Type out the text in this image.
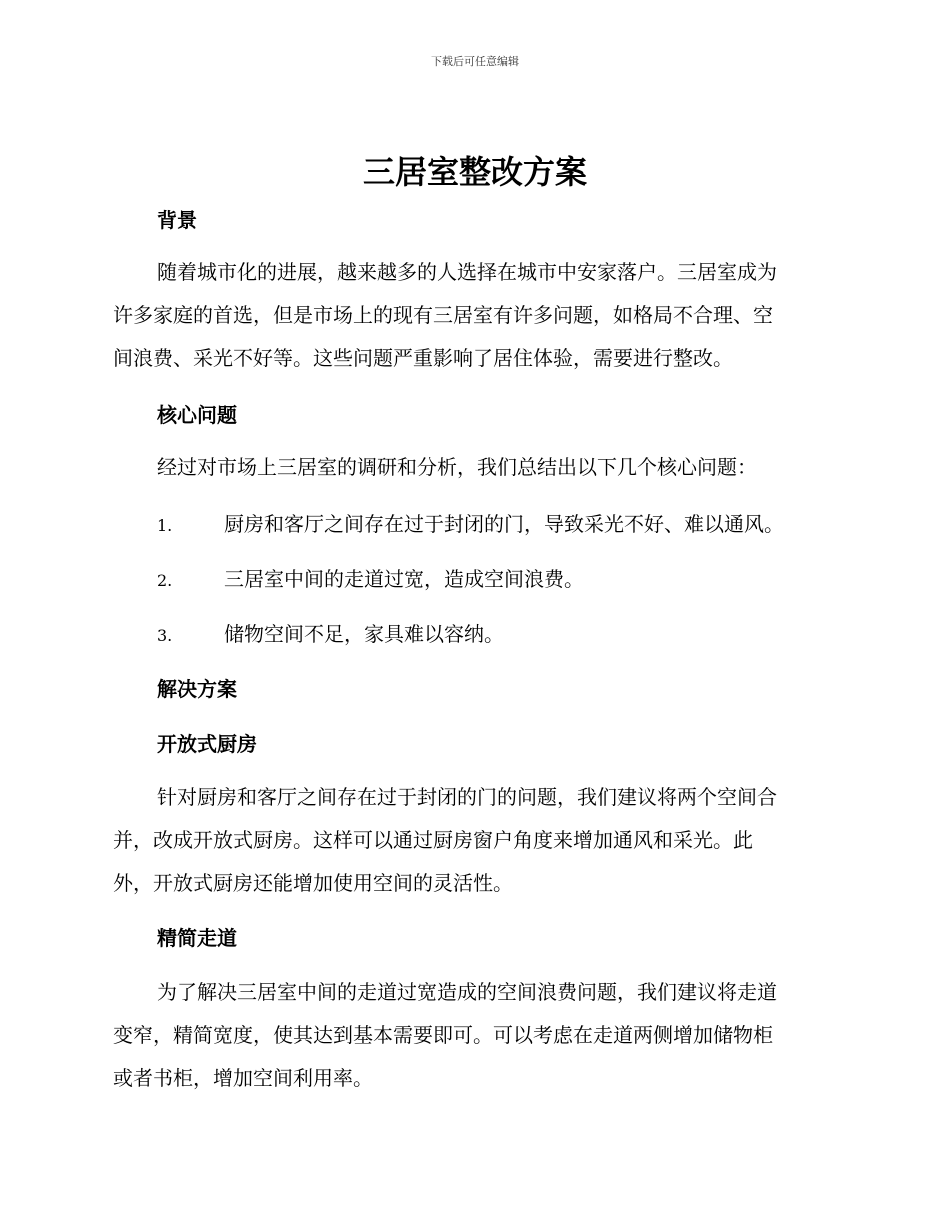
下载后可任意编辑
三居室整改方案
背景
随着城市化的进展，越来越多的人选择在城市中安家落户。三居室成为
许多家庭的首选，但是市场上的现有三居室有许多问题，如格局不合理、空
间浪费、采光不好等。这些问题严重影响了居住体验，需要进行整改。
核心问题
经过对市场上三居室的调研和分析，我们总结出以下几个核心问题：
1.	厨房和客厅之间存在过于封闭的门，导致采光不好、难以通风。
2.	三居室中间的走道过宽，造成空间浪费。
3.	储物空间不足，家具难以容纳。
解决方案
开放式厨房
针对厨房和客厅之间存在过于封闭的门的问题，我们建议将两个空间合
并，改成开放式厨房。这样可以通过厨房窗户角度来增加通风和采光。此
外，开放式厨房还能增加使用空间的灵活性。
精简走道
为了解决三居室中间的走道过宽造成的空间浪费问题，我们建议将走道
变窄，精简宽度，使其达到基本需要即可。可以考虑在走道两侧增加储物柜
或者书柜，增加空间利用率。
